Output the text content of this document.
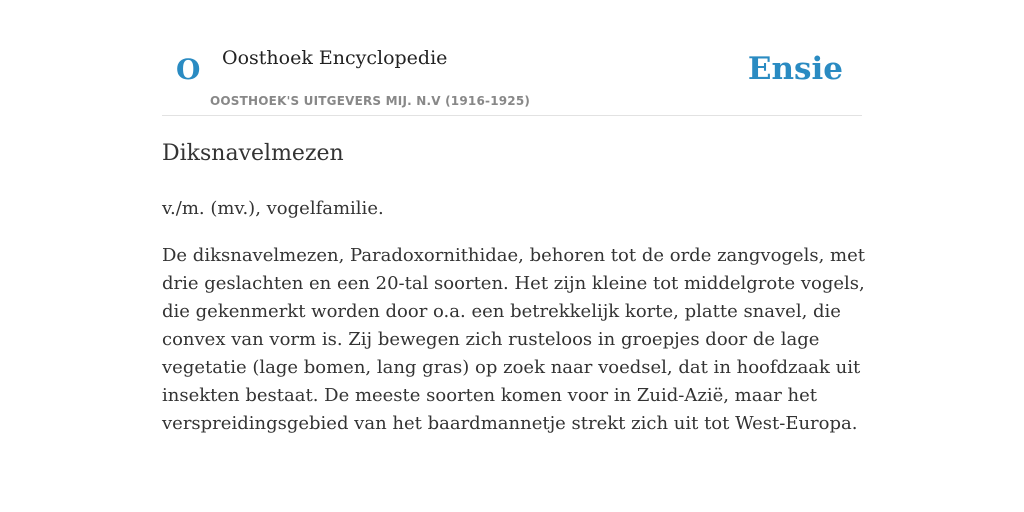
O Oosthoek Encyclopedie
OOSTHOEK'S UITGEVERS MIJ. N.V (1916-1925)
Ensie
Diksnavelmezen

v./m. (mv.), vogelfamilie.

De diksnavelmezen, Paradoxornithidae, behoren tot de orde zangvogels, met drie geslachten en een 20-tal soorten. Het zijn kleine tot middelgrote vogels, die gekenmerkt worden door o.a. een betrekkelijk korte, platte snavel, die convex van vorm is. Zij bewegen zich rusteloos in groepjes door de lage vegetatie (lage bomen, lang gras) op zoek naar voedsel, dat in hoofdzaak uit insekten bestaat. De meeste soorten komen voor in Zuid-Azië, maar het verspreidingsgebied van het baardmannetje strekt zich uit tot West-Europa.
